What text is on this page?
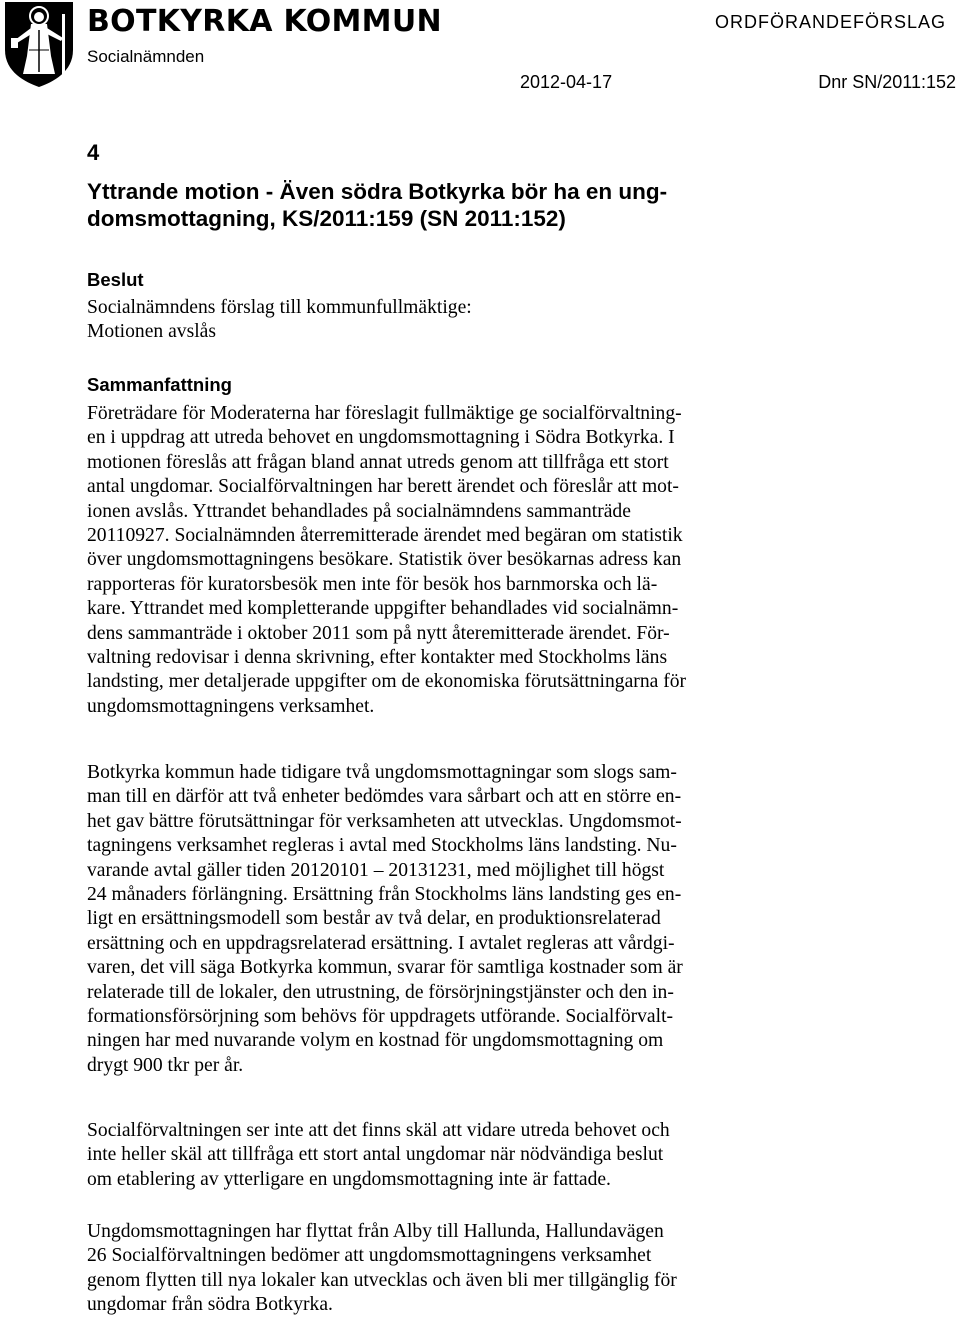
BOTKYRKA KOMMUN
Socialnämnden
ORDFÖRANDEFÖRSLAG
2012-04-17	Dnr SN/2011:152
4
Yttrande motion - Även södra Botkyrka bör ha en ung-
domsmottagning, KS/2011:159 (SN 2011:152)
Beslut
Socialnämndens förslag till kommunfullmäktige:
Motionen avslås
Sammanfattning
Företrädare för Moderaterna har föreslagit fullmäktige ge socialförvaltning-
en i uppdrag att utreda behovet en ungdomsmottagning i Södra Botkyrka. I
motionen föreslås att frågan bland annat utreds genom att tillfråga ett stort
antal ungdomar. Socialförvaltningen har berett ärendet och föreslår att mot-
ionen avslås. Yttrandet behandlades på socialnämndens sammanträde
20110927. Socialnämnden återremitterade ärendet med begäran om statistik
över ungdomsmottagningens besökare. Statistik över besökarnas adress kan
rapporteras för kuratorsbesök men inte för besök hos barnmorska och lä-
kare. Yttrandet med kompletterande uppgifter behandlades vid socialnämn-
dens sammanträde i oktober 2011 som på nytt återemitterade ärendet. För-
valtning redovisar i denna skrivning, efter kontakter med Stockholms läns
landsting, mer detaljerade uppgifter om de ekonomiska förutsättningarna för
ungdomsmottagningens verksamhet.
Botkyrka kommun hade tidigare två ungdomsmottagningar som slogs sam-
man till en därför att två enheter bedömdes vara sårbart och att en större en-
het gav bättre förutsättningar för verksamheten att utvecklas. Ungdomsmot-
tagningens verksamhet regleras i avtal med Stockholms läns landsting. Nu-
varande avtal gäller tiden 20120101 – 20131231, med möjlighet till högst
24 månaders förlängning. Ersättning från Stockholms läns landsting ges en-
ligt en ersättningsmodell som består av två delar, en produktionsrelaterad
ersättning och en uppdragsrelaterad ersättning. I avtalet regleras att vårdgi-
varen, det vill säga Botkyrka kommun, svarar för samtliga kostnader som är
relaterade till de lokaler, den utrustning, de försörjningstjänster och den in-
formationsförsörjning som behövs för uppdragets utförande. Socialförvalt-
ningen har med nuvarande volym en kostnad för ungdomsmottagning om
drygt 900 tkr per år.
Socialförvaltningen ser inte att det finns skäl att vidare utreda behovet och
inte heller skäl att tillfråga ett stort antal ungdomar när nödvändiga beslut
om etablering av ytterligare en ungdomsmottagning inte är fattade.
Ungdomsmottagningen har flyttat från Alby till Hallunda, Hallundavägen
26 Socialförvaltningen bedömer att ungdomsmottagningens verksamhet
genom flytten till nya lokaler kan utvecklas och även bli mer tillgänglig för
ungdomar från södra Botkyrka.
